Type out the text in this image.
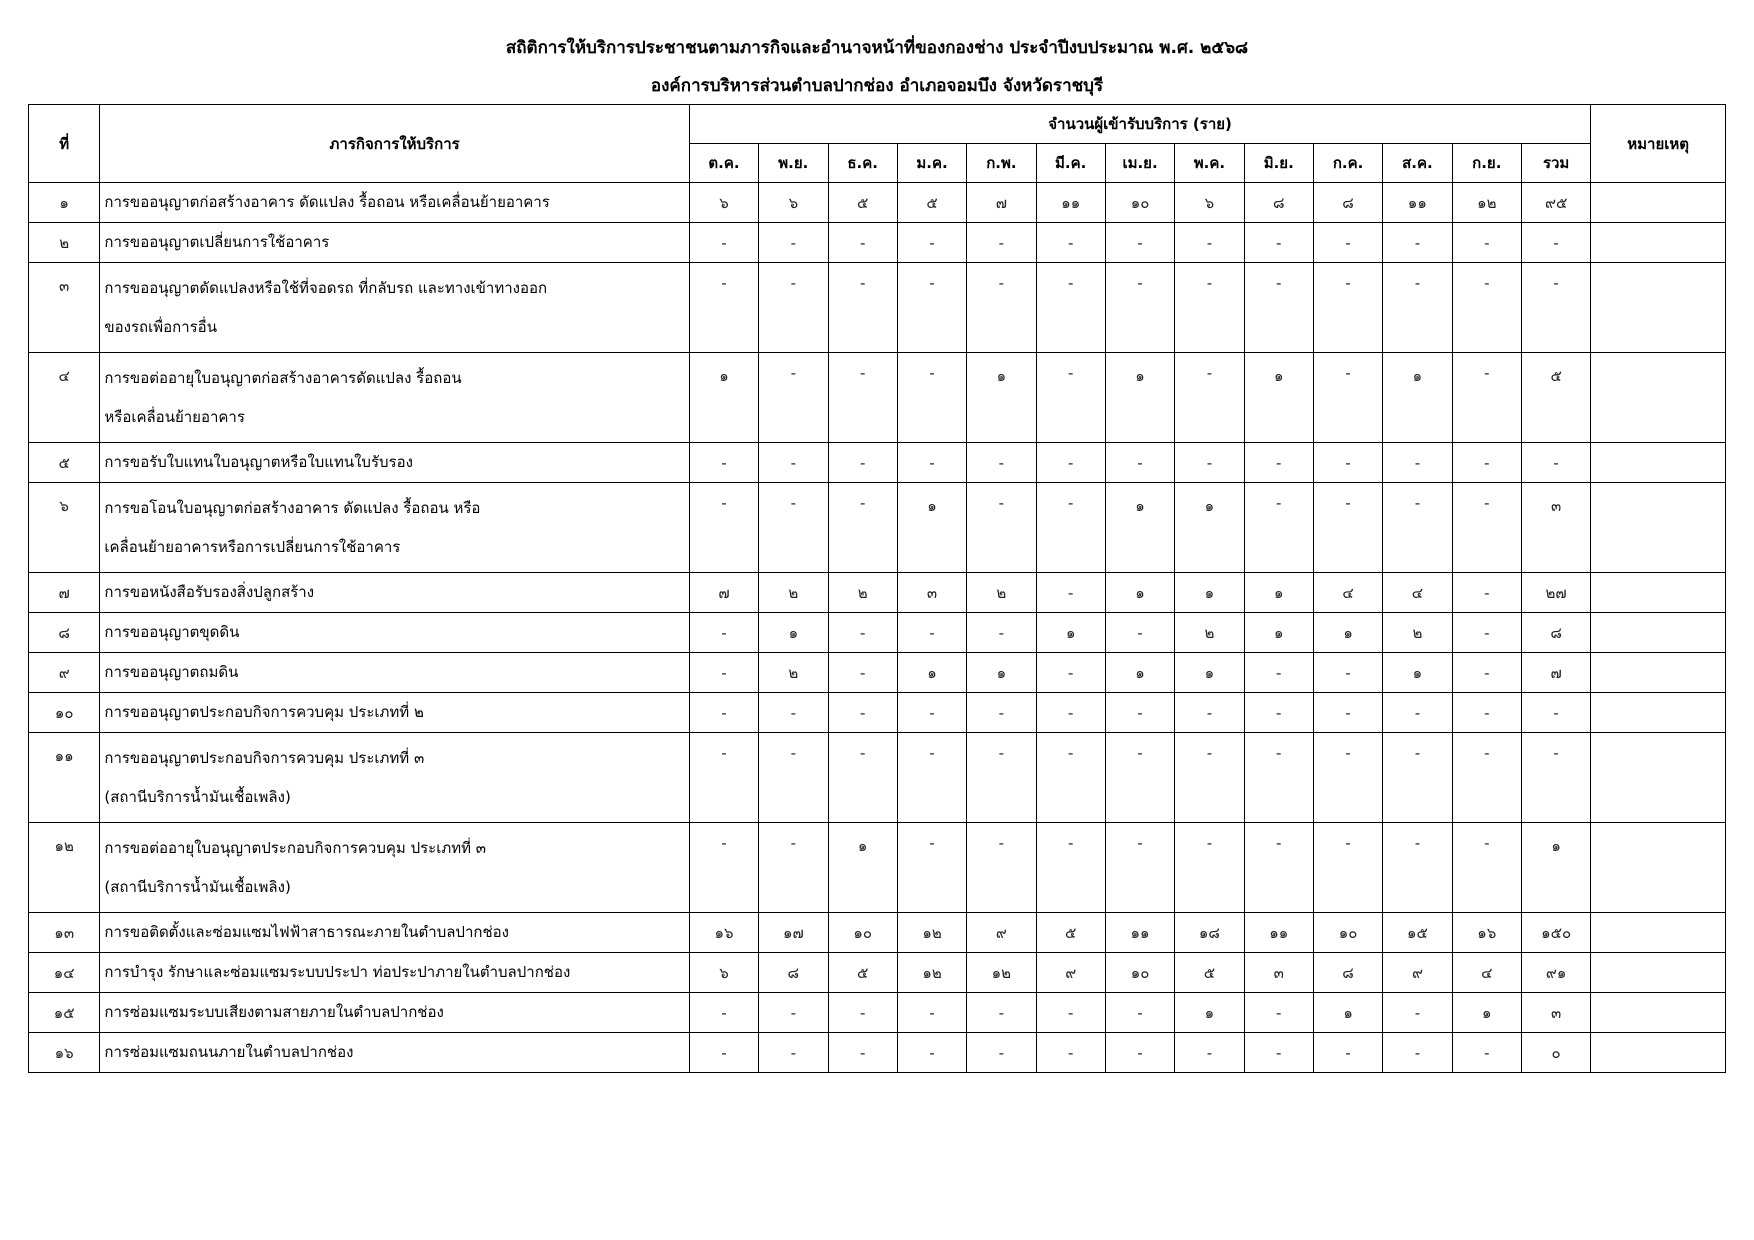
สถิติการให้บริการประชาชนตามภารกิจและอำนาจหน้าที่ของกองช่าง ประจำปีงบประมาณ พ.ศ. ๒๕๖๘
องค์การบริหารส่วนตำบลปากช่อง อำเภอจอมบึง จังหวัดราชบุรี
ที่	ภารกิจการให้บริการ	จำนวนผู้เข้ารับบริการ (ราย)													หมายเหตุ
		ต.ค.	พ.ย.	ธ.ค.	ม.ค.	ก.พ.	มี.ค.	เม.ย.	พ.ค.	มิ.ย.	ก.ค.	ส.ค.	ก.ย.	รวม	
๑	การขออนุญาตก่อสร้างอาคาร ดัดแปลง รื้อถอน หรือเคลื่อนย้ายอาคาร	๖	๖	๕	๕	๗	๑๑	๑๐	๖	๘	๘	๑๑	๑๒	๙๕	
๒	การขออนุญาตเปลี่ยนการใช้อาคาร	-	-	-	-	-	-	-	-	-	-	-	-	-	
๓	การขออนุญาตดัดแปลงหรือใช้ที่จอดรถ ที่กลับรถ และทางเข้าทางออก
ของรถเพื่อการอื่น	-	-	-	-	-	-	-	-	-	-	-	-	-	
๔	การขอต่ออายุใบอนุญาตก่อสร้างอาคารดัดแปลง รื้อถอน
หรือเคลื่อนย้ายอาคาร	๑	-	-	-	๑	-	๑	-	๑	-	๑	-	๕	
๕	การขอรับใบแทนใบอนุญาตหรือใบแทนใบรับรอง	-	-	-	-	-	-	-	-	-	-	-	-	-	
๖	การขอโอนใบอนุญาตก่อสร้างอาคาร ดัดแปลง รื้อถอน หรือ
เคลื่อนย้ายอาคารหรือการเปลี่ยนการใช้อาคาร	-	-	-	๑	-	-	๑	๑	-	-	-	-	๓	
๗	การขอหนังสือรับรองสิ่งปลูกสร้าง	๗	๒	๒	๓	๒	-	๑	๑	๑	๔	๔	-	๒๗	
๘	การขออนุญาตขุดดิน	-	๑	-	-	-	๑	-	๒	๑	๑	๒	-	๘	
๙	การขออนุญาตถมดิน	-	๒	-	๑	๑	-	๑	๑	-	-	๑	-	๗	
๑๐	การขออนุญาตประกอบกิจการควบคุม ประเภทที่ ๒	-	-	-	-	-	-	-	-	-	-	-	-	-	
๑๑	การขออนุญาตประกอบกิจการควบคุม ประเภทที่ ๓
(สถานีบริการน้ำมันเชื้อเพลิง)	-	-	-	-	-	-	-	-	-	-	-	-	-	
๑๒	การขอต่ออายุใบอนุญาตประกอบกิจการควบคุม ประเภทที่ ๓
(สถานีบริการน้ำมันเชื้อเพลิง)	-	-	๑	-	-	-	-	-	-	-	-	-	๑	
๑๓	การขอติดตั้งและซ่อมแซมไฟฟ้าสาธารณะภายในตำบลปากช่อง	๑๖	๑๗	๑๐	๑๒	๙	๕	๑๑	๑๘	๑๑	๑๐	๑๕	๑๖	๑๕๐	
๑๔	การบำรุง รักษาและซ่อมแซมระบบประปา ท่อประปาภายในตำบลปากช่อง	๖	๘	๕	๑๒	๑๒	๙	๑๐	๕	๓	๘	๙	๔	๙๑	
๑๕	การซ่อมแซมระบบเสียงตามสายภายในตำบลปากช่อง	-	-	-	-	-	-	-	๑	-	๑	-	๑	๓	
๑๖	การซ่อมแซมถนนภายในตำบลปากช่อง	-	-	-	-	-	-	-	-	-	-	-	-	๐	
